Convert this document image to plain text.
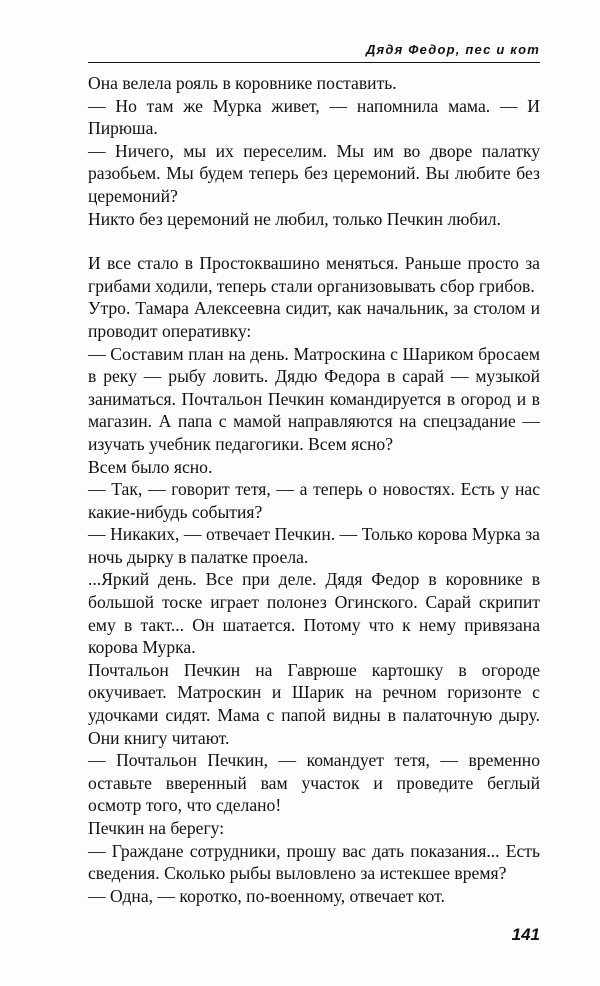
Дядя Федор, пес и кот

Она велела рояль в коровнике поставить.

— Но там же Мурка живет, — напомнила мама. — И Пирюша.

— Ничего, мы их переселим. Мы им во дворе палатку разобьем. Мы будем теперь без церемоний. Вы любите без церемоний?

Никто без церемоний не любил, только Печкин любил.

И все стало в Простоквашино меняться. Раньше просто за грибами ходили, теперь стали организовывать сбор грибов.

Утро. Тамара Алексеевна сидит, как начальник, за столом и проводит оперативку:

— Составим план на день. Матроскина с Шариком бросаем в реку — рыбу ловить. Дядю Федора в сарай — музыкой заниматься. Почтальон Печкин командируется в огород и в магазин. А папа с мамой направляются на спецзадание — изучать учебник педагогики. Всем ясно?

Всем было ясно.

— Так, — говорит тетя, — а теперь о новостях. Есть у нас какие-нибудь события?

— Никаких, — отвечает Печкин. — Только корова Мурка за ночь дырку в палатке проела.

...Яркий день. Все при деле. Дядя Федор в коровнике в большой тоске играет полонез Огинского. Сарай скрипит ему в такт... Он шатается. Потому что к нему привязана корова Мурка.

Почтальон Печкин на Гаврюше картошку в огороде окучивает. Матроскин и Шарик на речном горизонте с удочками сидят. Мама с папой видны в палаточную дыру. Они книгу читают.

— Почтальон Печкин, — командует тетя, — временно оставьте вверенный вам участок и проведите беглый осмотр того, что сделано!

Печкин на берегу:

— Граждане сотрудники, прошу вас дать показания... Есть сведения. Сколько рыбы выловлено за истекшее время?

— Одна, — коротко, по-военному, отвечает кот.

141
